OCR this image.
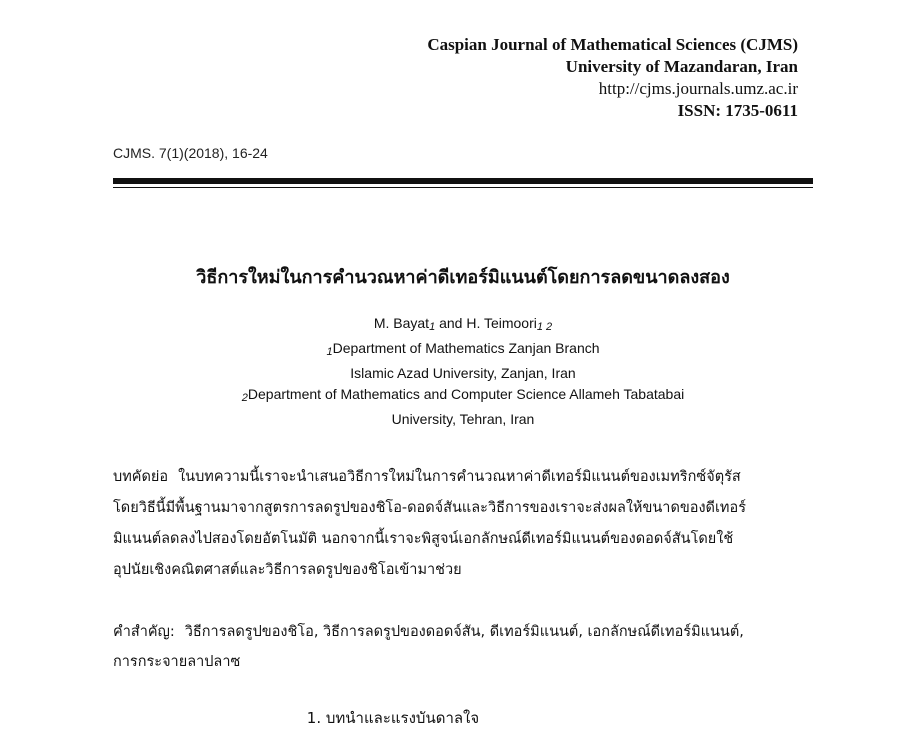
Caspian Journal of Mathematical Sciences (CJMS)
University of Mazandaran, Iran
http://cjms.journals.umz.ac.ir
ISSN: 1735-0611
CJMS. 7(1)(2018), 16-24
วิธีการใหม่ในการคำนวณหาค่าดีเทอร์มิแนนต์โดยการลดขนาดลงสอง
M. Bayat1 and H. Teimoori1 2
1Department of Mathematics Zanjan Branch
Islamic Azad University, Zanjan, Iran
2Department of Mathematics and Computer Science Allameh Tabatabai
University, Tehran, Iran
บทคัดย่อ ในบทความนี้เราจะนำเสนอวิธีการใหม่ในการคำนวณหาค่าดีเทอร์มิแนนต์ของเมทริกซ์จัตุรัส
โดยวิธีนี้มีพื้นฐานมาจากสูตรการลดรูปของชิโอ-ดอดจ์สันและวิธีการของเราจะส่งผลให้ขนาดของดีเทอร์
มิแนนต์ลดลงไปสองโดยอัตโนมัติ นอกจากนี้เราจะพิสูจน์เอกลักษณ์ดีเทอร์มิแนนต์ของดอดจ์สันโดยใช้
อุปนัยเชิงคณิตศาสต์และวิธีการลดรูปของชิโอเข้ามาช่วย
คำสำคัญ: วิธีการลดรูปของชิโอ, วิธีการลดรูปของดอดจ์สัน, ดีเทอร์มิแนนต์, เอกลักษณ์ดีเทอร์มิแนนต์,
การกระจายลาปลาซ
1. บทนำและแรงบันดาลใจ
